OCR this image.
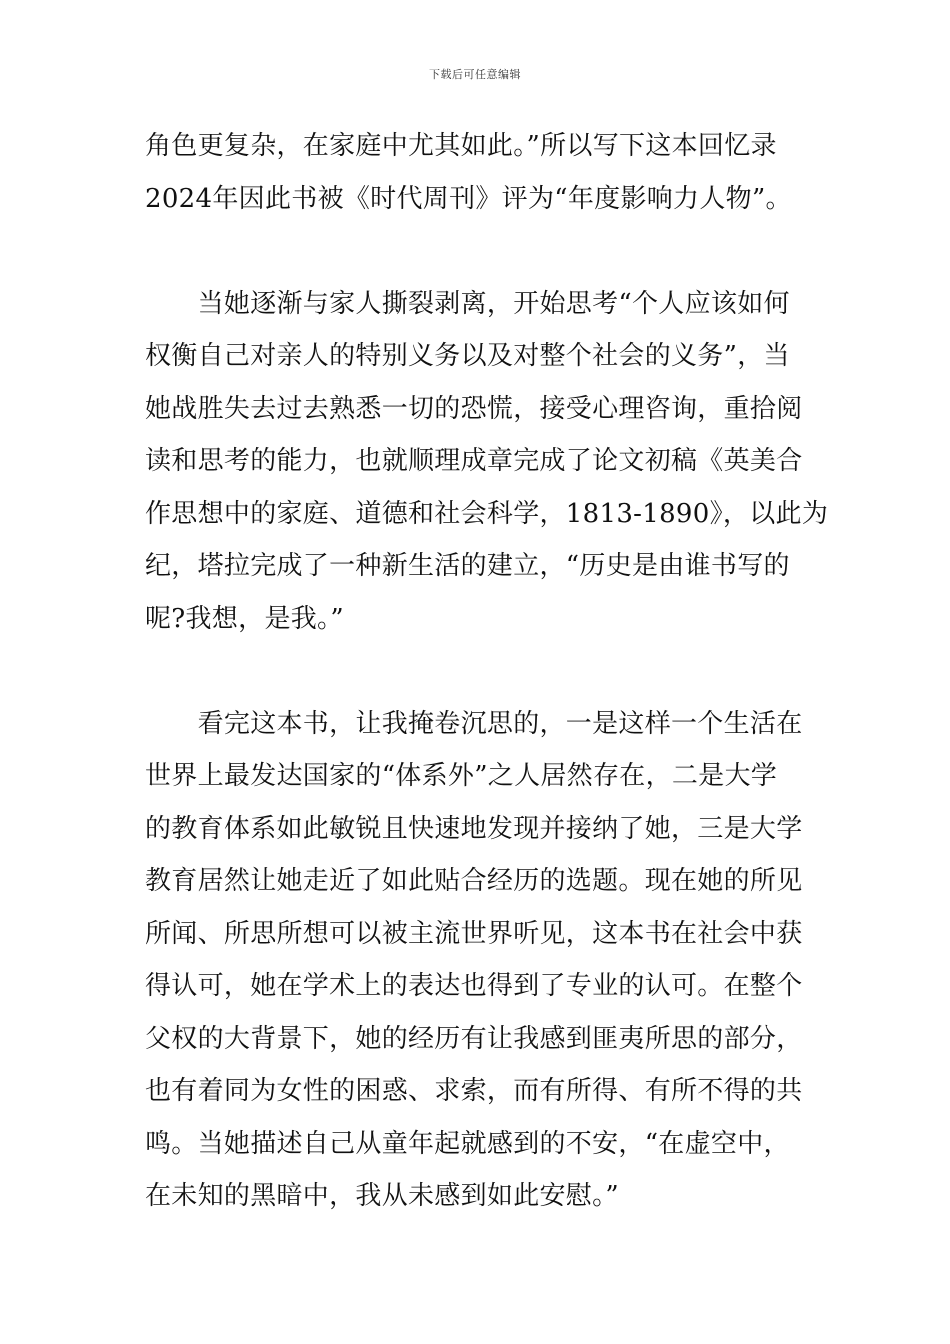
下载后可任意编辑
角色更复杂，在家庭中尤其如此。”所以写下这本回忆录
2024年因此书被《时代周刊》评为“年度影响力人物”。
　　当她逐渐与家人撕裂剥离，开始思考“个人应该如何
权衡自己对亲人的特别义务以及对整个社会的义务”，当
她战胜失去过去熟悉一切的恐慌，接受心理咨询，重拾阅
读和思考的能力，也就顺理成章完成了论文初稿《英美合
作思想中的家庭、道德和社会科学，1813-1890》，以此为
纪，塔拉完成了一种新生活的建立，“历史是由谁书写的
呢?我想，是我。”
　　看完这本书，让我掩卷沉思的，一是这样一个生活在
世界上最发达国家的“体系外”之人居然存在，二是大学
的教育体系如此敏锐且快速地发现并接纳了她，三是大学
教育居然让她走近了如此贴合经历的选题。现在她的所见
所闻、所思所想可以被主流世界听见，这本书在社会中获
得认可，她在学术上的表达也得到了专业的认可。在整个
父权的大背景下，她的经历有让我感到匪夷所思的部分，
也有着同为女性的困惑、求索，而有所得、有所不得的共
鸣。当她描述自己从童年起就感到的不安，“在虚空中，
在未知的黑暗中，我从未感到如此安慰。”
